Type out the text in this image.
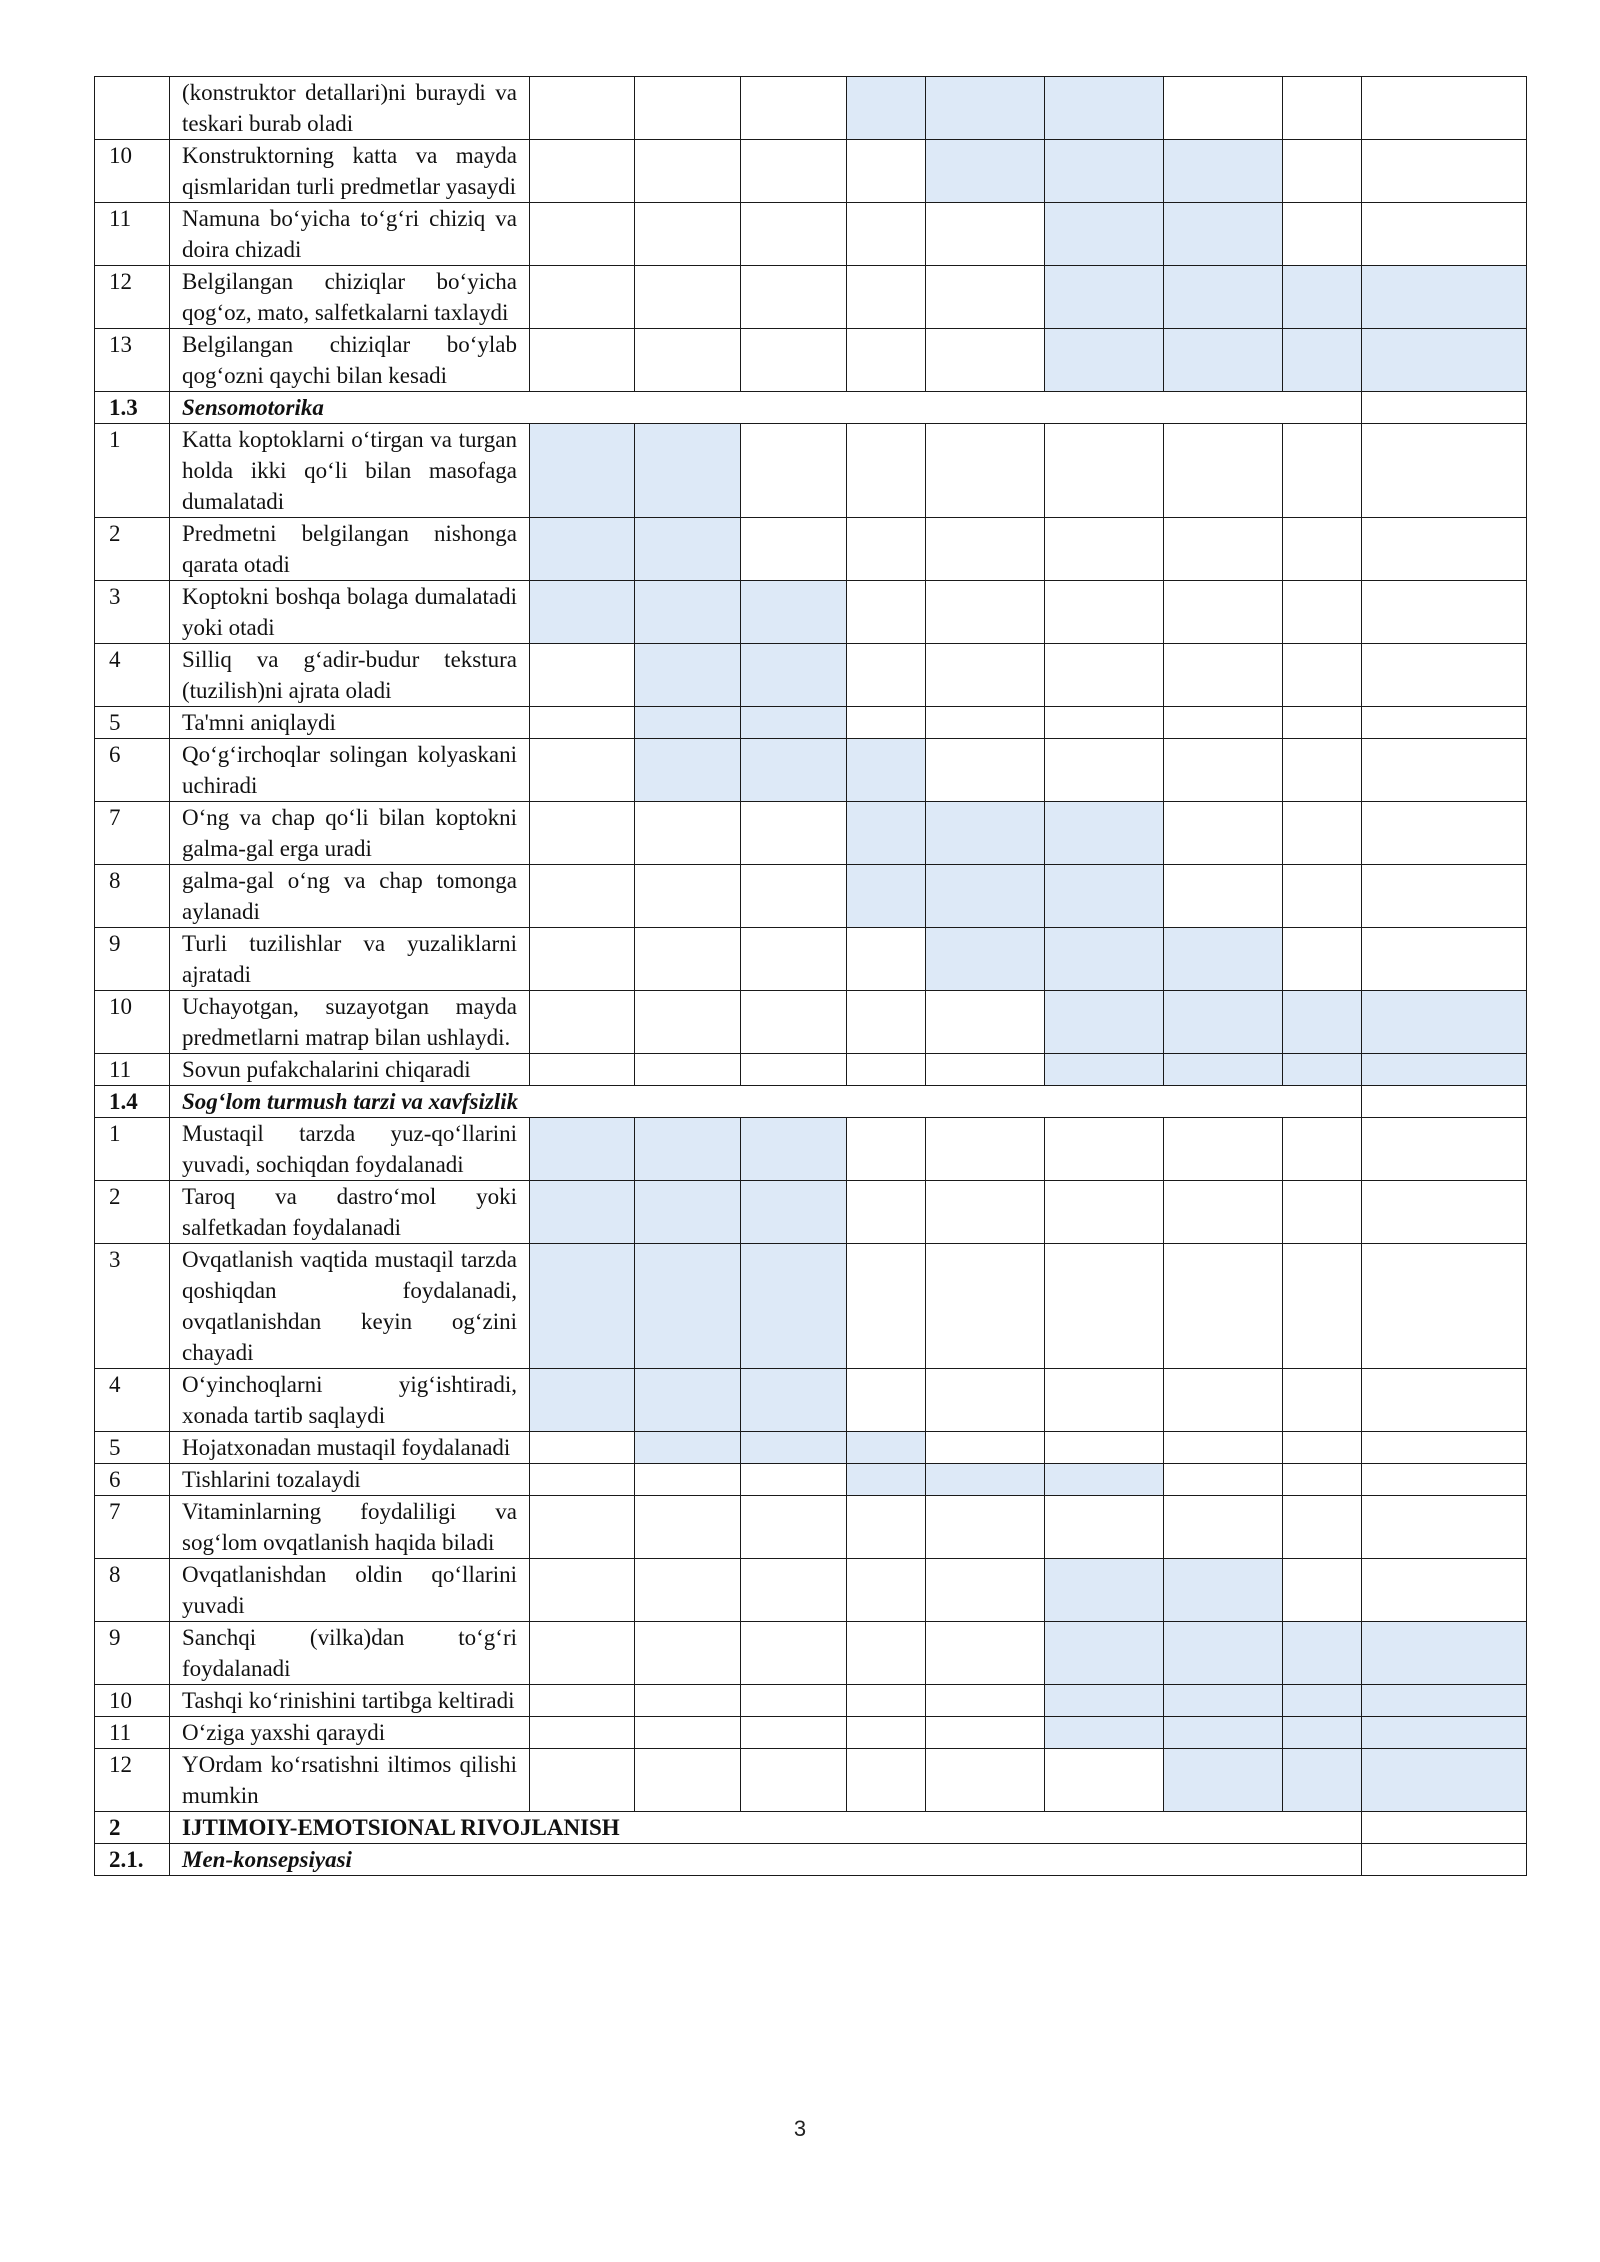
	(konstruktor detallari)ni buraydi va teskari burab oladi									
10	Konstruktorning katta va mayda qismlaridan turli predmetlar yasaydi									
11	Namuna bo‘yicha to‘g‘ri chiziq va doira chizadi									
12	Belgilangan chiziqlar bo‘yicha qog‘oz, mato, salfetkalarni taxlaydi									
13	Belgilangan chiziqlar bo‘ylab qog‘ozni qaychi bilan kesadi									
1.3	Sensomotorika									
1	Katta koptoklarni o‘tirgan va turgan holda ikki qo‘li bilan masofaga dumalatadi									
2	Predmetni belgilangan nishonga qarata otadi									
3	Koptokni boshqa bolaga dumalatadi yoki otadi									
4	Silliq va g‘adir-budur tekstura (tuzilish)ni ajrata oladi									
5	Ta'mni aniqlaydi									
6	Qo‘g‘irchoqlar solingan kolyaskani uchiradi									
7	O‘ng va chap qo‘li bilan koptokni galma-gal erga uradi									
8	galma-gal o‘ng va chap tomonga aylanadi									
9	Turli tuzilishlar va yuzaliklarni ajratadi									
10	Uchayotgan, suzayotgan mayda predmetlarni matrap bilan ushlaydi.									
11	Sovun pufakchalarini chiqaradi									
1.4	Sog‘lom turmush tarzi va xavfsizlik									
1	Mustaqil tarzda yuz-qo‘llarini yuvadi, sochiqdan foydalanadi									
2	Taroq va dastro‘mol yoki salfetkadan foydalanadi									
3	Ovqatlanish vaqtida mustaqil tarzda qoshiqdan foydalanadi, ovqatlanishdan keyin og‘zini chayadi									
4	O‘yinchoqlarni yig‘ishtiradi, xonada tartib saqlaydi									
5	Hojatxonadan mustaqil foydalanadi									
6	Tishlarini tozalaydi									
7	Vitaminlarning foydaliligi va sog‘lom ovqatlanish haqida biladi									
8	Ovqatlanishdan oldin qo‘llarini yuvadi									
9	Sanchqi (vilka)dan to‘g‘ri foydalanadi									
10	Tashqi ko‘rinishini tartibga keltiradi									
11	O‘ziga yaxshi qaraydi									
12	YOrdam ko‘rsatishni iltimos qilishi mumkin									
2	IJTIMOIY-EMOTSIONAL RIVOJLANISH									
2.1.	Men-konsepsiyasi									
3
